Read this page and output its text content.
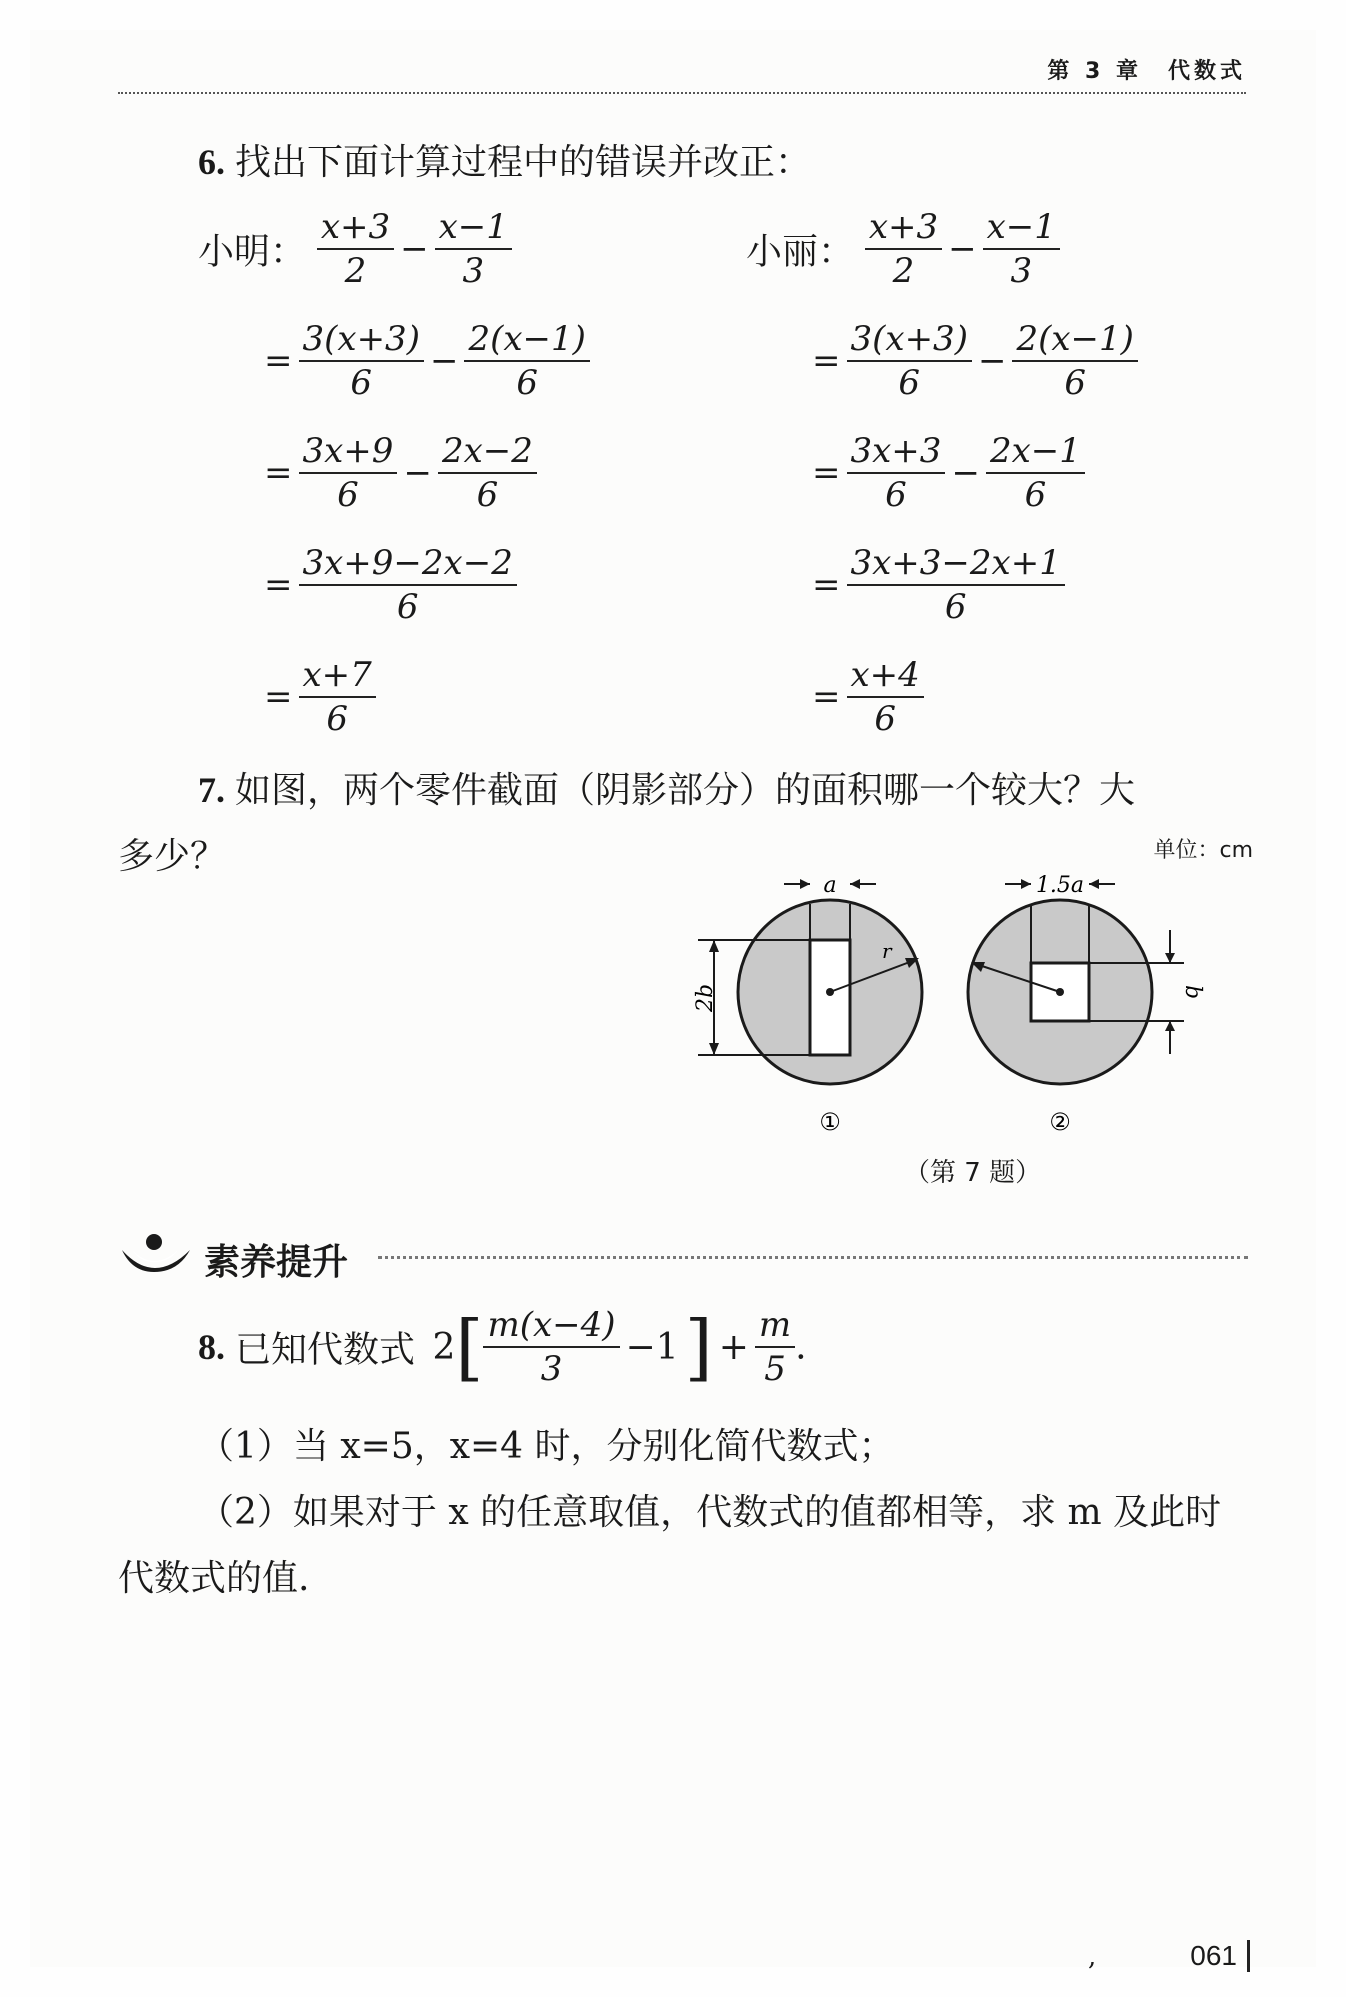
第 3 章 代数式
6. 找出下面计算过程中的错误并改正：
小明： $\frac{x+3}{2} - \frac{x-1}{3}$
= $\frac{3(x+3)}{6} - \frac{2(x-1)}{6}$
= $\frac{3x+9}{6} - \frac{2x-2}{6}$
= $\frac{3x+9-2x-2}{6}$
= $\frac{x+7}{6}$
小丽： $\frac{x+3}{2} - \frac{x-1}{3}$
= $\frac{3(x+3)}{6} - \frac{2(x-1)}{6}$
= $\frac{3x+3}{6} - \frac{2x-1}{6}$
= $\frac{3x+3-2x+1}{6}$
= $\frac{x+4}{6}$
7. 如图，两个零件截面（阴影部分）的面积哪一个较大？大
多少？	单位：cm
a
2b
r
①
1.5a
b
②
（第 7 题）
素养提升
8. 已知代数式 $2[ \frac{m(x-4)}{3} -1] + \frac{m}{5}$ .
（1）当 x=5，x=4 时，分别化简代数式；
（2）如果对于 x 的任意取值，代数式的值都相等，求 m 及此时
代数式的值.
,	061
